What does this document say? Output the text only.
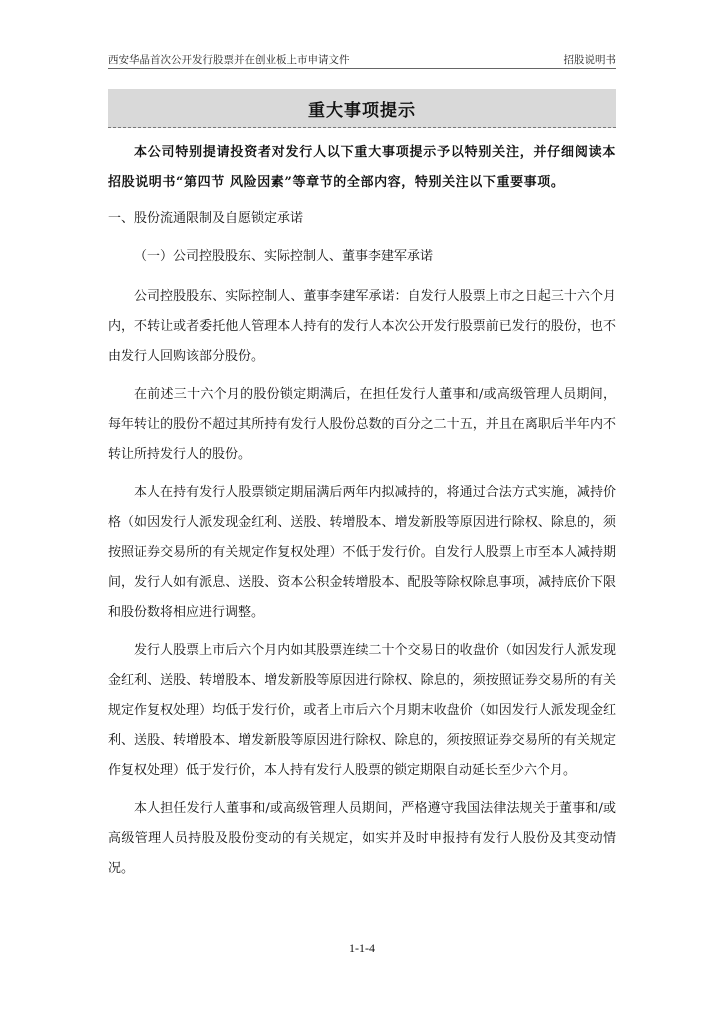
西安华晶首次公开发行股票并在创业板上市申请文件	招股说明书
重大事项提示

本公司特别提请投资者对发行人以下重大事项提示予以特别关注，并仔细阅读本招股说明书“第四节 风险因素”等章节的全部内容，特别关注以下重要事项。

一、股份流通限制及自愿锁定承诺
（一）公司控股股东、实际控制人、董事李建军承诺

公司控股股东、实际控制人、董事李建军承诺：自发行人股票上市之日起三十六个月内，不转让或者委托他人管理本人持有的发行人本次公开发行股票前已发行的股份，也不由发行人回购该部分股份。

在前述三十六个月的股份锁定期满后，在担任发行人董事和/或高级管理人员期间，每年转让的股份不超过其所持有发行人股份总数的百分之二十五，并且在离职后半年内不转让所持发行人的股份。

本人在持有发行人股票锁定期届满后两年内拟减持的，将通过合法方式实施，减持价格（如因发行人派发现金红利、送股、转增股本、增发新股等原因进行除权、除息的，须按照证券交易所的有关规定作复权处理）不低于发行价。自发行人股票上市至本人减持期间，发行人如有派息、送股、资本公积金转增股本、配股等除权除息事项，减持底价下限和股份数将相应进行调整。

发行人股票上市后六个月内如其股票连续二十个交易日的收盘价（如因发行人派发现金红利、送股、转增股本、增发新股等原因进行除权、除息的，须按照证券交易所的有关规定作复权处理）均低于发行价，或者上市后六个月期末收盘价（如因发行人派发现金红利、送股、转增股本、增发新股等原因进行除权、除息的，须按照证券交易所的有关规定作复权处理）低于发行价，本人持有发行人股票的锁定期限自动延长至少六个月。

本人担任发行人董事和/或高级管理人员期间，严格遵守我国法律法规关于董事和/或高级管理人员持股及股份变动的有关规定，如实并及时申报持有发行人股份及其变动情况。

1-1-4
